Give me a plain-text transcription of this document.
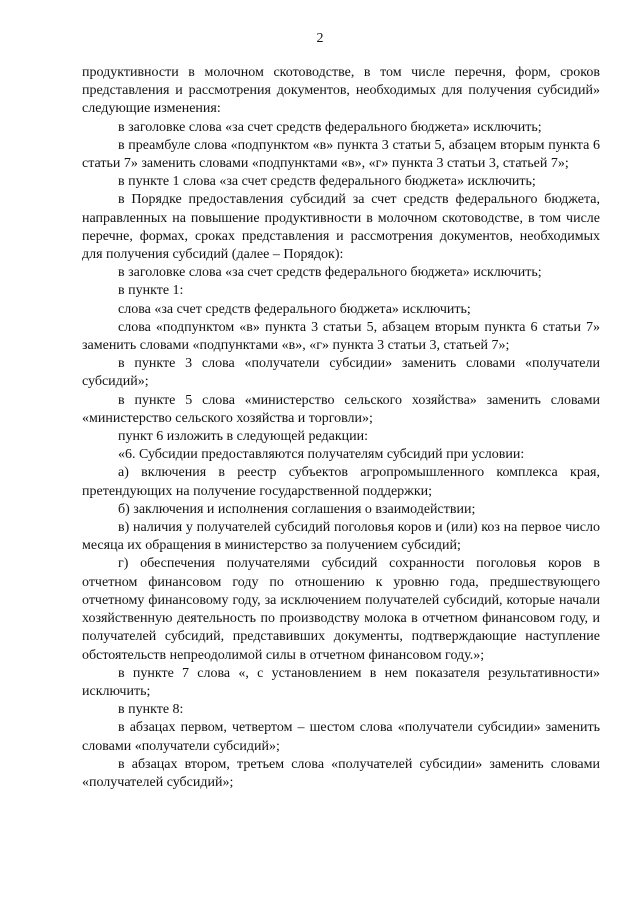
2

продуктивности в молочном скотоводстве, в том числе перечня, форм, сроков представления и рассмотрения документов, необходимых для получения субсидий» следующие изменения:

в заголовке слова «за счет средств федерального бюджета» исключить;

в преамбуле слова «подпунктом «в» пункта 3 статьи 5, абзацем вторым пункта 6 статьи 7» заменить словами «подпунктами «в», «г» пункта 3 статьи 3, статьей 7»;

в пункте 1 слова «за счет средств федерального бюджета» исключить;

в Порядке предоставления субсидий за счет средств федерального бюджета, направленных на повышение продуктивности в молочном скотоводстве, в том числе перечне, формах, сроках представления и рассмотрения документов, необходимых для получения субсидий (далее – Порядок):

в заголовке слова «за счет средств федерального бюджета» исключить;

в пункте 1:

слова «за счет средств федерального бюджета» исключить;

слова «подпунктом «в» пункта 3 статьи 5, абзацем вторым пункта 6 статьи 7» заменить словами «подпунктами «в», «г» пункта 3 статьи 3, статьей 7»;

в пункте 3 слова «получатели субсидии» заменить словами «получатели субсидий»;

в пункте 5 слова «министерство сельского хозяйства» заменить словами «министерство сельского хозяйства и торговли»;

пункт 6 изложить в следующей редакции:

«6. Субсидии предоставляются получателям субсидий при условии:

а) включения в реестр субъектов агропромышленного комплекса края, претендующих на получение государственной поддержки;

б) заключения и исполнения соглашения о взаимодействии;

в) наличия у получателей субсидий поголовья коров и (или) коз на первое число месяца их обращения в министерство за получением субсидий;

г) обеспечения получателями субсидий сохранности поголовья коров в отчетном финансовом году по отношению к уровню года, предшествующего отчетному финансовому году, за исключением получателей субсидий, которые начали хозяйственную деятельность по производству молока в отчетном финансовом году, и получателей субсидий, представивших документы, подтверждающие наступление обстоятельств непреодолимой силы в отчетном финансовом году.»;

в пункте 7 слова «, с установлением в нем показателя результативности» исключить;

в пункте 8:

в абзацах первом, четвертом – шестом слова «получатели субсидии» заменить словами «получатели субсидий»;

в абзацах втором, третьем слова «получателей субсидии» заменить словами «получателей субсидий»;
